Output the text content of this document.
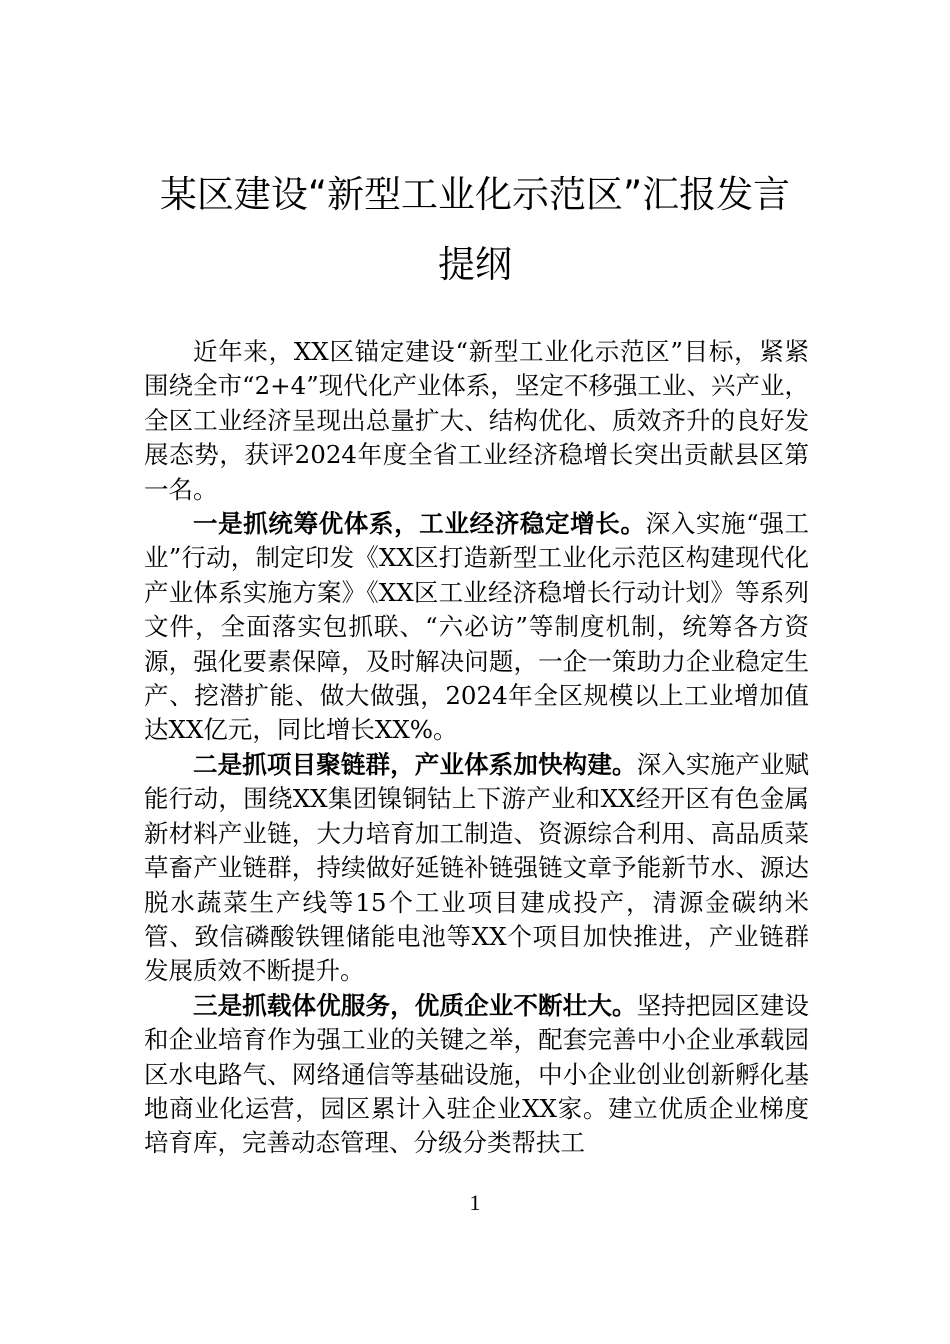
某区建设“新型工业化示范区”汇报发言
提纲

近年来，XX区锚定建设“新型工业化示范区”目标，紧紧围绕全市“2+4”现代化产业体系，坚定不移强工业、兴产业，全区工业经济呈现出总量扩大、结构优化、质效齐升的良好发展态势，获评2024年度全省工业经济稳增长突出贡献县区第一名。

一是抓统筹优体系，工业经济稳定增长。深入实施“强工业”行动，制定印发《XX区打造新型工业化示范区构建现代化产业体系实施方案》《XX区工业经济稳增长行动计划》等系列文件，全面落实包抓联、“六必访”等制度机制，统筹各方资源，强化要素保障，及时解决问题，一企一策助力企业稳定生产、挖潜扩能、做大做强，2024年全区规模以上工业增加值达XX亿元，同比增长XX%。

二是抓项目聚链群，产业体系加快构建。深入实施产业赋能行动，围绕XX集团镍铜钴上下游产业和XX经开区有色金属新材料产业链，大力培育加工制造、资源综合利用、高品质菜草畜产业链群，持续做好延链补链强链文章予能新节水、源达脱水蔬菜生产线等15个工业项目建成投产，清源金碳纳米管、致信磷酸铁锂储能电池等XX个项目加快推进，产业链群发展质效不断提升。

三是抓载体优服务，优质企业不断壮大。坚持把园区建设和企业培育作为强工业的关键之举，配套完善中小企业承载园区水电路气、网络通信等基础设施，中小企业创业创新孵化基地商业化运营，园区累计入驻企业XX家。建立优质企业梯度培育库，完善动态管理、分级分类帮扶工

1
